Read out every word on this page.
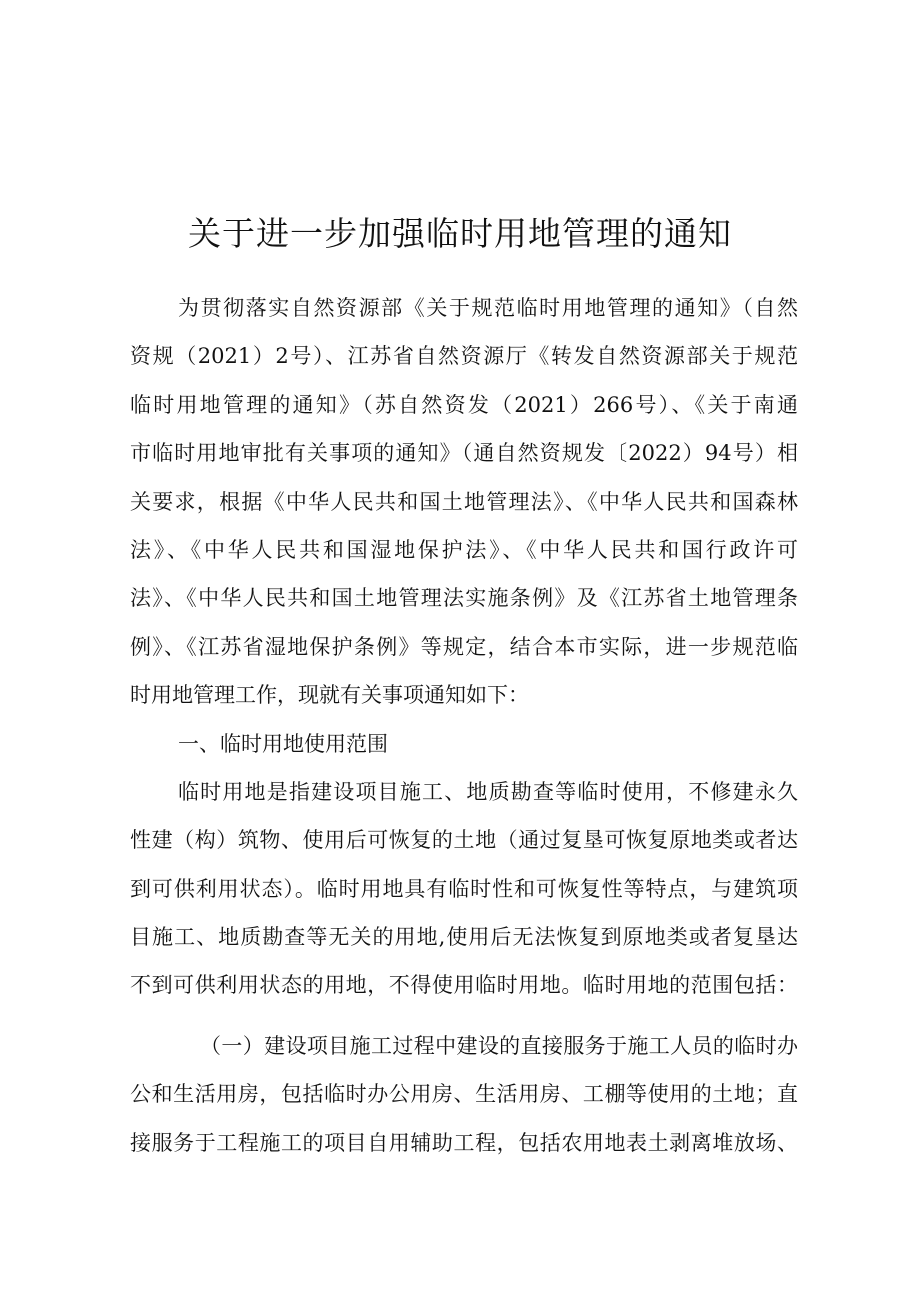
关于进一步加强临时用地管理的通知
为贯彻落实自然资源部《关于规范临时用地管理的通知》（自然
资规（2021）2号）、江苏省自然资源厅《转发自然资源部关于规范
临时用地管理的通知》（苏自然资发（2021）266号）、《关于南通
市临时用地审批有关事项的通知》（通自然资规发〔2022）94号）相
关要求，根据《中华人民共和国土地管理法》、《中华人民共和国森林
法》、《中华人民共和国湿地保护法》、《中华人民共和国行政许可
法》、《中华人民共和国土地管理法实施条例》及《江苏省土地管理条
例》、《江苏省湿地保护条例》等规定，结合本市实际，进一步规范临
时用地管理工作，现就有关事项通知如下：
一、临时用地使用范围
临时用地是指建设项目施工、地质勘查等临时使用，不修建永久
性建（构）筑物、使用后可恢复的土地（通过复垦可恢复原地类或者达
到可供利用状态）。临时用地具有临时性和可恢复性等特点，与建筑项
目施工、地质勘查等无关的用地,使用后无法恢复到原地类或者复垦达
不到可供利用状态的用地，不得使用临时用地。临时用地的范围包括：
（一）建设项目施工过程中建设的直接服务于施工人员的临时办
公和生活用房，包括临时办公用房、生活用房、工棚等使用的土地；直
接服务于工程施工的项目自用辅助工程，包括农用地表土剥离堆放场、
